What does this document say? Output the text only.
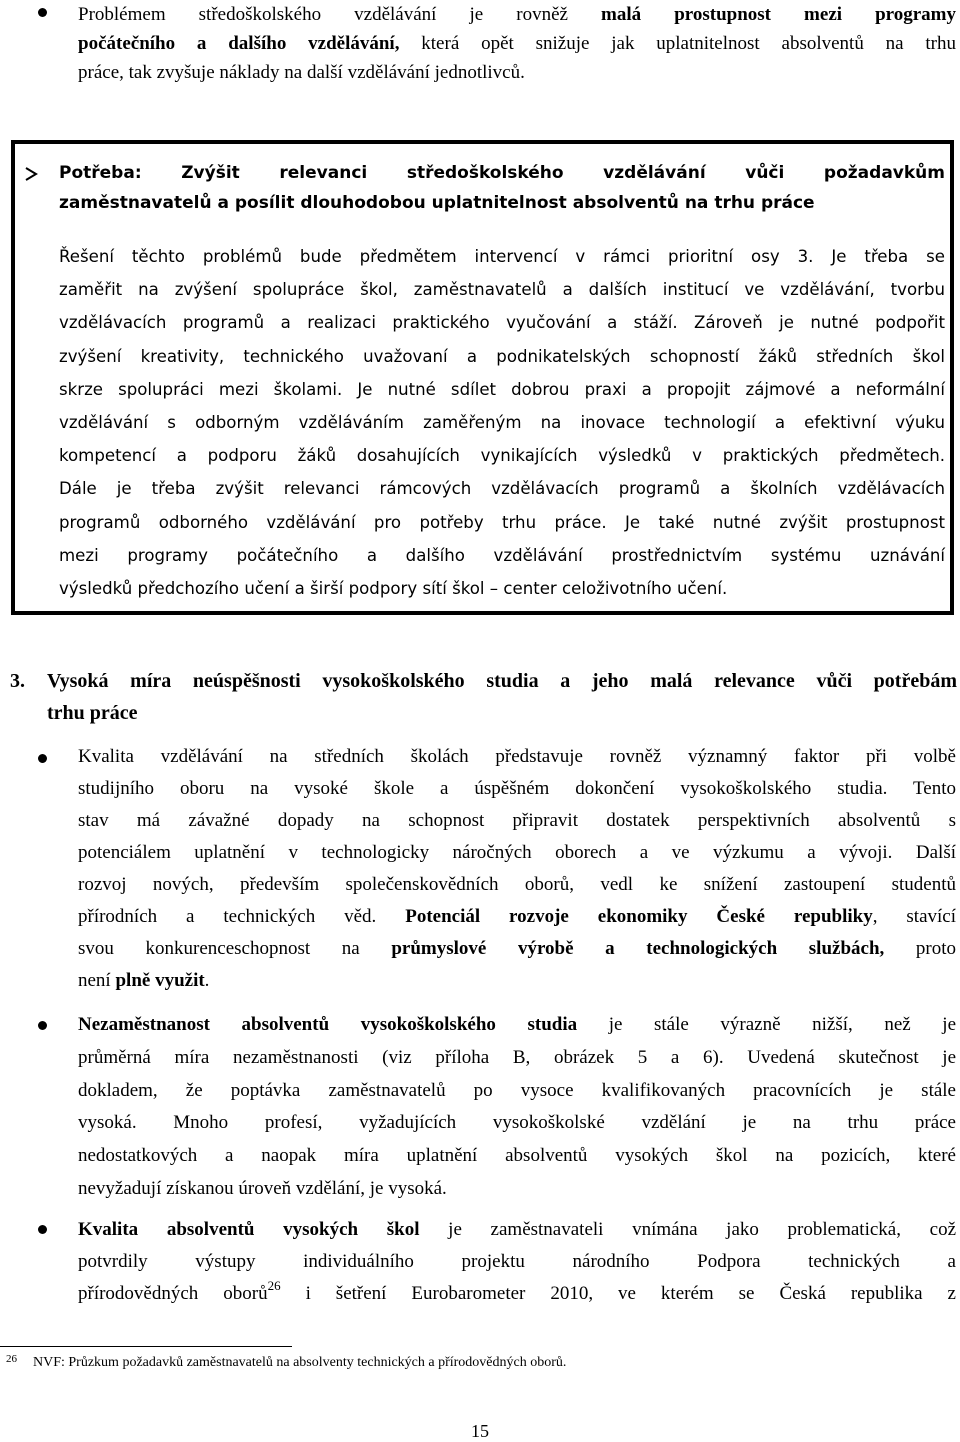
Problémem středoškolského vzdělávání je rovněž malá prostupnost mezi programy

počátečního a dalšího vzdělávání, která opět snižuje jak uplatnitelnost absolventů na trhu

práce, tak zvyšuje náklady na další vzdělávání jednotlivců.

Potřeba: Zvýšit relevanci středoškolského vzdělávání vůči požadavkům

zaměstnavatelů a posílit dlouhodobou uplatnitelnost absolventů na trhu práce

Řešení těchto problémů bude předmětem intervencí v rámci prioritní osy 3. Je třeba se

zaměřit na zvýšení spolupráce škol, zaměstnavatelů a dalších institucí ve vzdělávání, tvorbu

vzdělávacích programů a realizaci praktického vyučování a stáží. Zároveň je nutné podpořit

zvýšení kreativity, technického uvažovaní a podnikatelských schopností žáků středních škol

skrze spolupráci mezi školami. Je nutné sdílet dobrou praxi a propojit zájmové a neformální

vzdělávání s odborným vzděláváním zaměřeným na inovace technologií a efektivní výuku

kompetencí a podporu žáků dosahujících vynikajících výsledků v praktických předmětech.

Dále je třeba zvýšit relevanci rámcových vzdělávacích programů a školních vzdělávacích

programů odborného vzdělávání pro potřeby trhu práce. Je také nutné zvýšit prostupnost

mezi programy počátečního a dalšího vzdělávání prostřednictvím systému uznávání

výsledků předchozího učení a širší podpory sítí škol – center celoživotního učení.

3. Vysoká míra neúspěšnosti vysokoškolského studia a jeho malá relevance vůči potřebám

trhu práce

Kvalita vzdělávání na středních školách představuje rovněž významný faktor při volbě

studijního oboru na vysoké škole a úspěšném dokončení vysokoškolského studia. Tento

stav má závažné dopady na schopnost připravit dostatek perspektivních absolventů s

potenciálem uplatnění v technologicky náročných oborech a ve výzkumu a vývoji. Další

rozvoj nových, především společenskovědních oborů, vedl ke snížení zastoupení studentů

přírodních a technických věd. Potenciál rozvoje ekonomiky České republiky, stavící

svou konkurenceschopnost na průmyslové výrobě a technologických službách, proto

není plně využit.

Nezaměstnanost absolventů vysokoškolského studia je stále výrazně nižší, než je

průměrná míra nezaměstnanosti (viz příloha B, obrázek 5 a 6). Uvedená skutečnost je

dokladem, že poptávka zaměstnavatelů po vysoce kvalifikovaných pracovnících je stále

vysoká. Mnoho profesí, vyžadujících vysokoškolské vzdělání je na trhu práce

nedostatkových a naopak míra uplatnění absolventů vysokých škol na pozicích, které

nevyžadují získanou úroveň vzdělání, je vysoká.

Kvalita absolventů vysokých škol je zaměstnavateli vnímána jako problematická, což

potvrdily výstupy individuálního projektu národního Podpora technických a

přírodovědných oborů$^{26}$ i šetření Eurobarometer 2010, ve kterém se Česká republika z

26 NVF: Průzkum požadavků zaměstnavatelů na absolventy technických a přírodovědných oborů.
15
